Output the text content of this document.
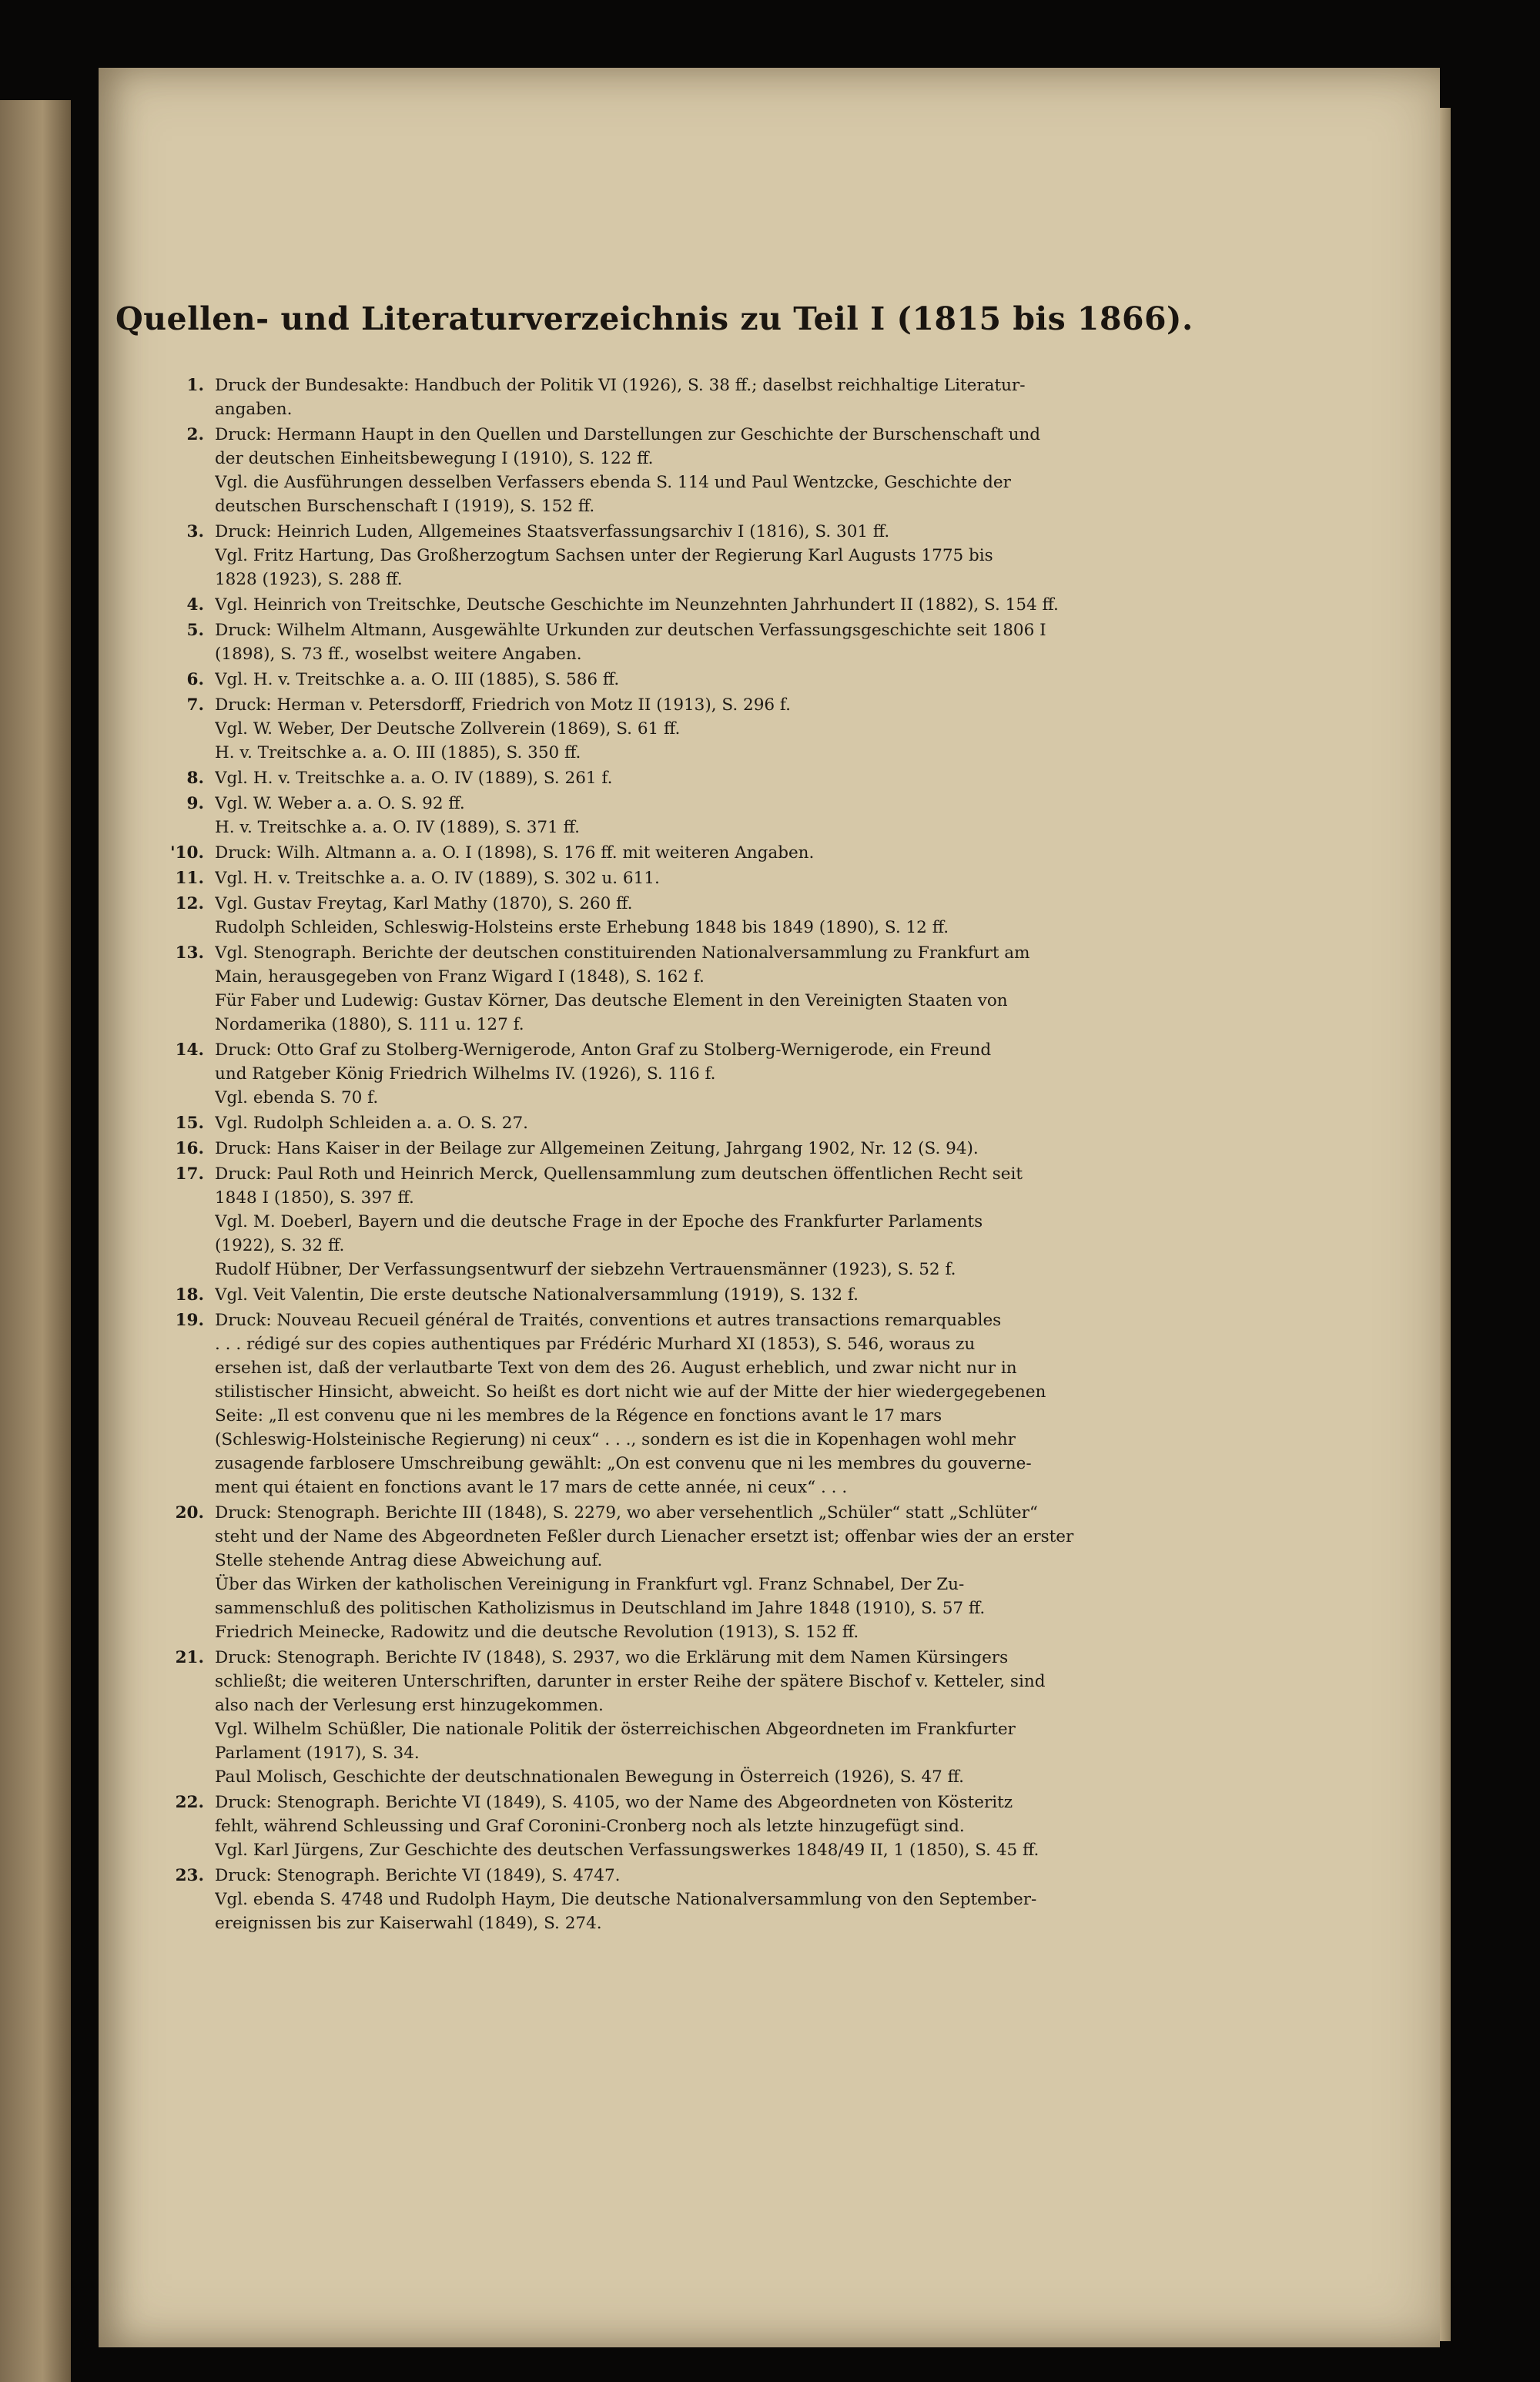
Quellen- und Literaturverzeichnis zu Teil I (1815 bis 1866).
1. Druck der Bundesakte: Handbuch der Politik VI (1926), S. 38 ff.; daselbst reichhaltige Literatur-
angaben.
2. Druck: Hermann Haupt in den Quellen und Darstellungen zur Geschichte der Burschenschaft und
der deutschen Einheitsbewegung I (1910), S. 122 ff.
Vgl. die Ausführungen desselben Verfassers ebenda S. 114 und Paul Wentzcke, Geschichte der
deutschen Burschenschaft I (1919), S. 152 ff.
3. Druck: Heinrich Luden, Allgemeines Staatsverfassungsarchiv I (1816), S. 301 ff.
Vgl. Fritz Hartung, Das Großherzogtum Sachsen unter der Regierung Karl Augusts 1775 bis
1828 (1923), S. 288 ff.
4. Vgl. Heinrich von Treitschke, Deutsche Geschichte im Neunzehnten Jahrhundert II (1882), S. 154 ff.
5. Druck: Wilhelm Altmann, Ausgewählte Urkunden zur deutschen Verfassungsgeschichte seit 1806 I
(1898), S. 73 ff., woselbst weitere Angaben.
6. Vgl. H. v. Treitschke a. a. O. III (1885), S. 586 ff.
7. Druck: Herman v. Petersdorff, Friedrich von Motz II (1913), S. 296 f.
Vgl. W. Weber, Der Deutsche Zollverein (1869), S. 61 ff.
H. v. Treitschke a. a. O. III (1885), S. 350 ff.
8. Vgl. H. v. Treitschke a. a. O. IV (1889), S. 261 f.
9. Vgl. W. Weber a. a. O. S. 92 ff.
H. v. Treitschke a. a. O. IV (1889), S. 371 ff.
'10. Druck: Wilh. Altmann a. a. O. I (1898), S. 176 ff. mit weiteren Angaben.
11. Vgl. H. v. Treitschke a. a. O. IV (1889), S. 302 u. 611.
12. Vgl. Gustav Freytag, Karl Mathy (1870), S. 260 ff.
Rudolph Schleiden, Schleswig-Holsteins erste Erhebung 1848 bis 1849 (1890), S. 12 ff.
13. Vgl. Stenograph. Berichte der deutschen constituirenden Nationalversammlung zu Frankfurt am
Main, herausgegeben von Franz Wigard I (1848), S. 162 f.
Für Faber und Ludewig: Gustav Körner, Das deutsche Element in den Vereinigten Staaten von
Nordamerika (1880), S. 111 u. 127 f.
14. Druck: Otto Graf zu Stolberg-Wernigerode, Anton Graf zu Stolberg-Wernigerode, ein Freund
und Ratgeber König Friedrich Wilhelms IV. (1926), S. 116 f.
Vgl. ebenda S. 70 f.
15. Vgl. Rudolph Schleiden a. a. O. S. 27.
16. Druck: Hans Kaiser in der Beilage zur Allgemeinen Zeitung, Jahrgang 1902, Nr. 12 (S. 94).
17. Druck: Paul Roth und Heinrich Merck, Quellensammlung zum deutschen öffentlichen Recht seit
1848 I (1850), S. 397 ff.
Vgl. M. Doeberl, Bayern und die deutsche Frage in der Epoche des Frankfurter Parlaments
(1922), S. 32 ff.
Rudolf Hübner, Der Verfassungsentwurf der siebzehn Vertrauensmänner (1923), S. 52 f.
18. Vgl. Veit Valentin, Die erste deutsche Nationalversammlung (1919), S. 132 f.
19. Druck: Nouveau Recueil général de Traités, conventions et autres transactions remarquables
. . . rédigé sur des copies authentiques par Frédéric Murhard XI (1853), S. 546, woraus zu
ersehen ist, daß der verlautbarte Text von dem des 26. August erheblich, und zwar nicht nur in
stilistischer Hinsicht, abweicht. So heißt es dort nicht wie auf der Mitte der hier wiedergegebenen
Seite: „Il est convenu que ni les membres de la Régence en fonctions avant le 17 mars
(Schleswig-Holsteinische Regierung) ni ceux“ . . ., sondern es ist die in Kopenhagen wohl mehr
zusagende farblosere Umschreibung gewählt: „On est convenu que ni les membres du gouverne-
ment qui étaient en fonctions avant le 17 mars de cette année, ni ceux“ . . .
20. Druck: Stenograph. Berichte III (1848), S. 2279, wo aber versehentlich „Schüler“ statt „Schlüter“
steht und der Name des Abgeordneten Feßler durch Lienacher ersetzt ist; offenbar wies der an erster
Stelle stehende Antrag diese Abweichung auf.
Über das Wirken der katholischen Vereinigung in Frankfurt vgl. Franz Schnabel, Der Zu-
sammenschluß des politischen Katholizismus in Deutschland im Jahre 1848 (1910), S. 57 ff.
Friedrich Meinecke, Radowitz und die deutsche Revolution (1913), S. 152 ff.
21. Druck: Stenograph. Berichte IV (1848), S. 2937, wo die Erklärung mit dem Namen Kürsingers
schließt; die weiteren Unterschriften, darunter in erster Reihe der spätere Bischof v. Ketteler, sind
also nach der Verlesung erst hinzugekommen.
Vgl. Wilhelm Schüßler, Die nationale Politik der österreichischen Abgeordneten im Frankfurter
Parlament (1917), S. 34.
Paul Molisch, Geschichte der deutschnationalen Bewegung in Österreich (1926), S. 47 ff.
22. Druck: Stenograph. Berichte VI (1849), S. 4105, wo der Name des Abgeordneten von Kösteritz
fehlt, während Schleussing und Graf Coronini-Cronberg noch als letzte hinzugefügt sind.
Vgl. Karl Jürgens, Zur Geschichte des deutschen Verfassungswerkes 1848/49 II, 1 (1850), S. 45 ff.
23. Druck: Stenograph. Berichte VI (1849), S. 4747.
Vgl. ebenda S. 4748 und Rudolph Haym, Die deutsche Nationalversammlung von den September-
ereignissen bis zur Kaiserwahl (1849), S. 274.
